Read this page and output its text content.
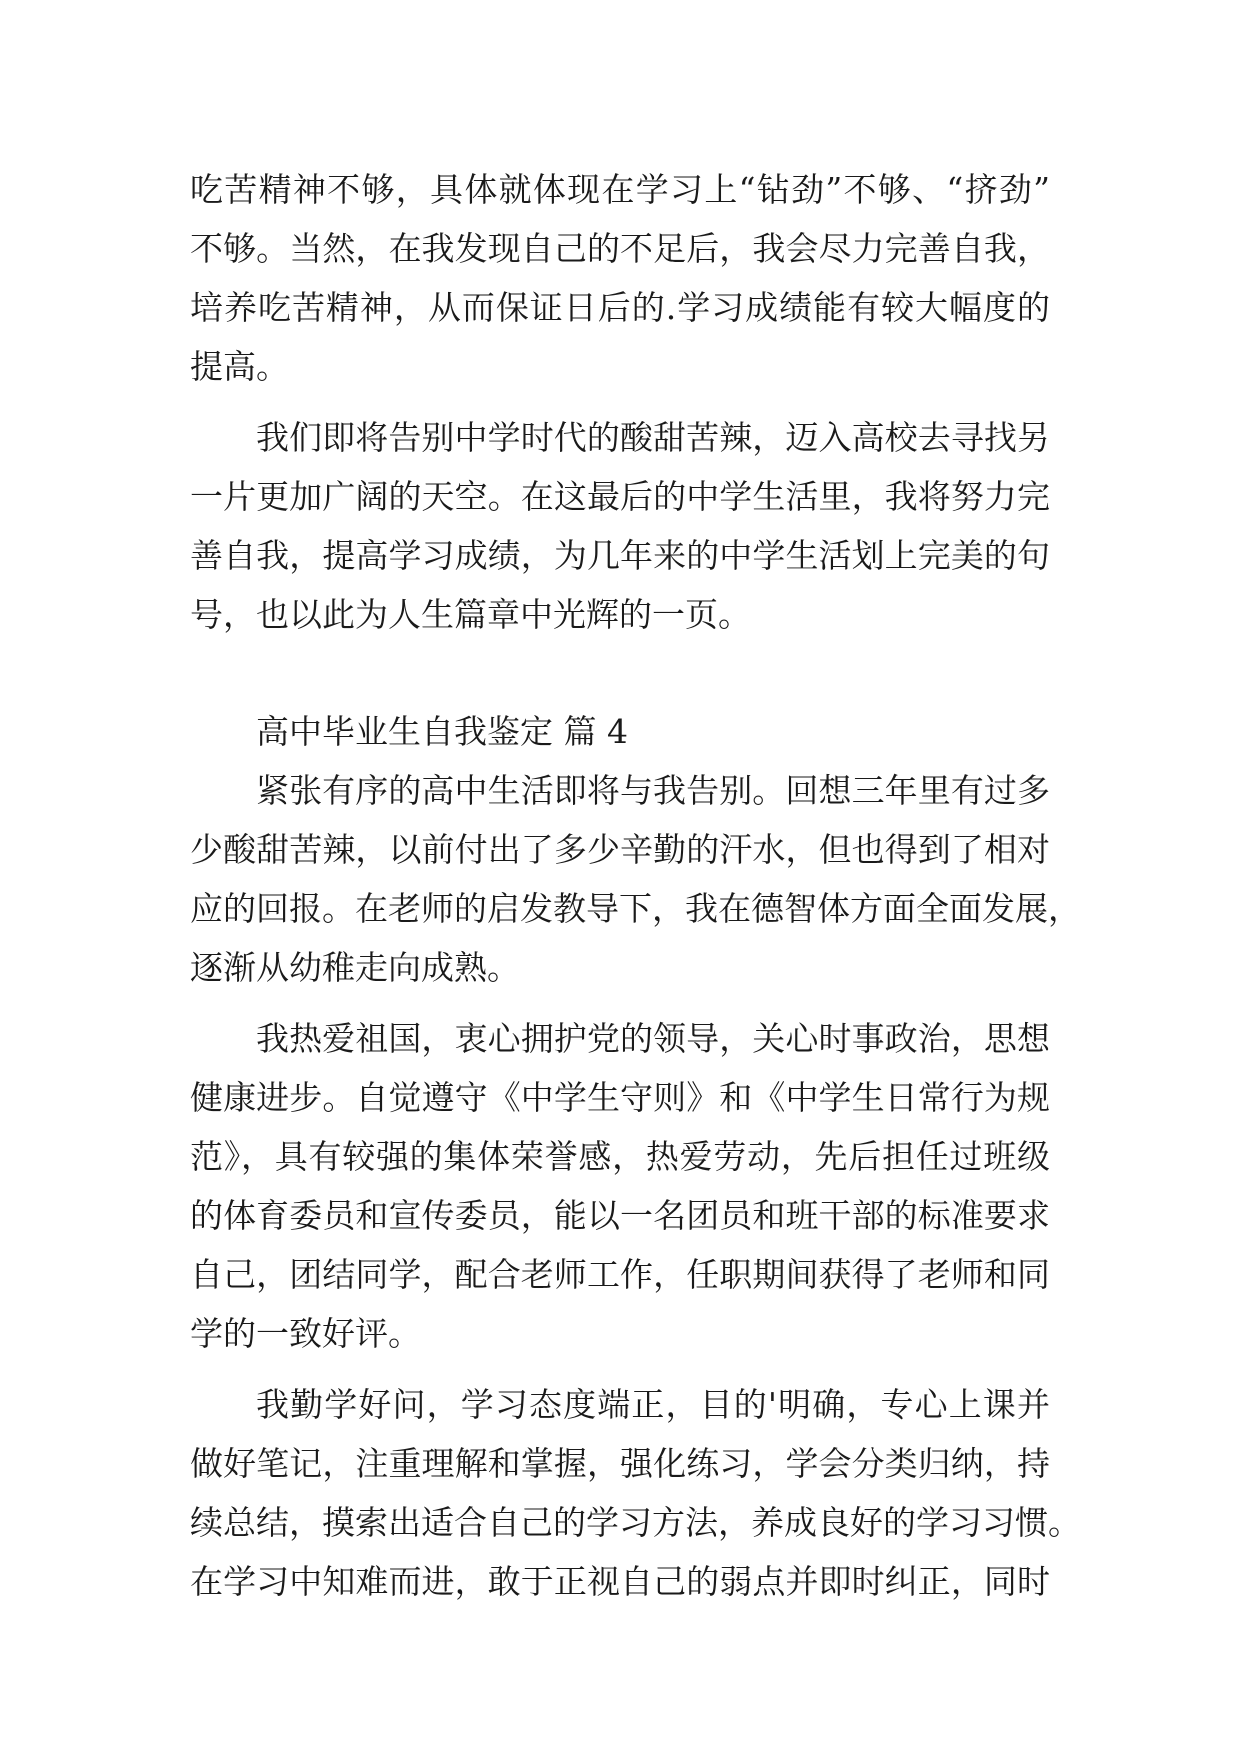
吃苦精神不够，具体就体现在学习上“钻劲”不够、“挤劲”
不够。当然，在我发现自己的不足后，我会尽力完善自我，
培养吃苦精神，从而保证日后的.学习成绩能有较大幅度的
提高。
我们即将告别中学时代的酸甜苦辣，迈入高校去寻找另
一片更加广阔的天空。在这最后的中学生活里，我将努力完
善自我，提高学习成绩，为几年来的中学生活划上完美的句
号，也以此为人生篇章中光辉的一页。
高中毕业生自我鉴定 篇 4
紧张有序的高中生活即将与我告别。回想三年里有过多
少酸甜苦辣，以前付出了多少辛勤的汗水，但也得到了相对
应的回报。在老师的启发教导下，我在德智体方面全面发展，
逐渐从幼稚走向成熟。
我热爱祖国，衷心拥护党的领导，关心时事政治，思想
健康进步。自觉遵守《中学生守则》和《中学生日常行为规
范》，具有较强的集体荣誉感，热爱劳动，先后担任过班级
的体育委员和宣传委员，能以一名团员和班干部的标准要求
自己，团结同学，配合老师工作，任职期间获得了老师和同
学的一致好评。
我勤学好问，学习态度端正，目的'明确，专心上课并
做好笔记，注重理解和掌握，强化练习，学会分类归纳，持
续总结，摸索出适合自己的学习方法，养成良好的学习习惯。
在学习中知难而进，敢于正视自己的弱点并即时纠正，同时
